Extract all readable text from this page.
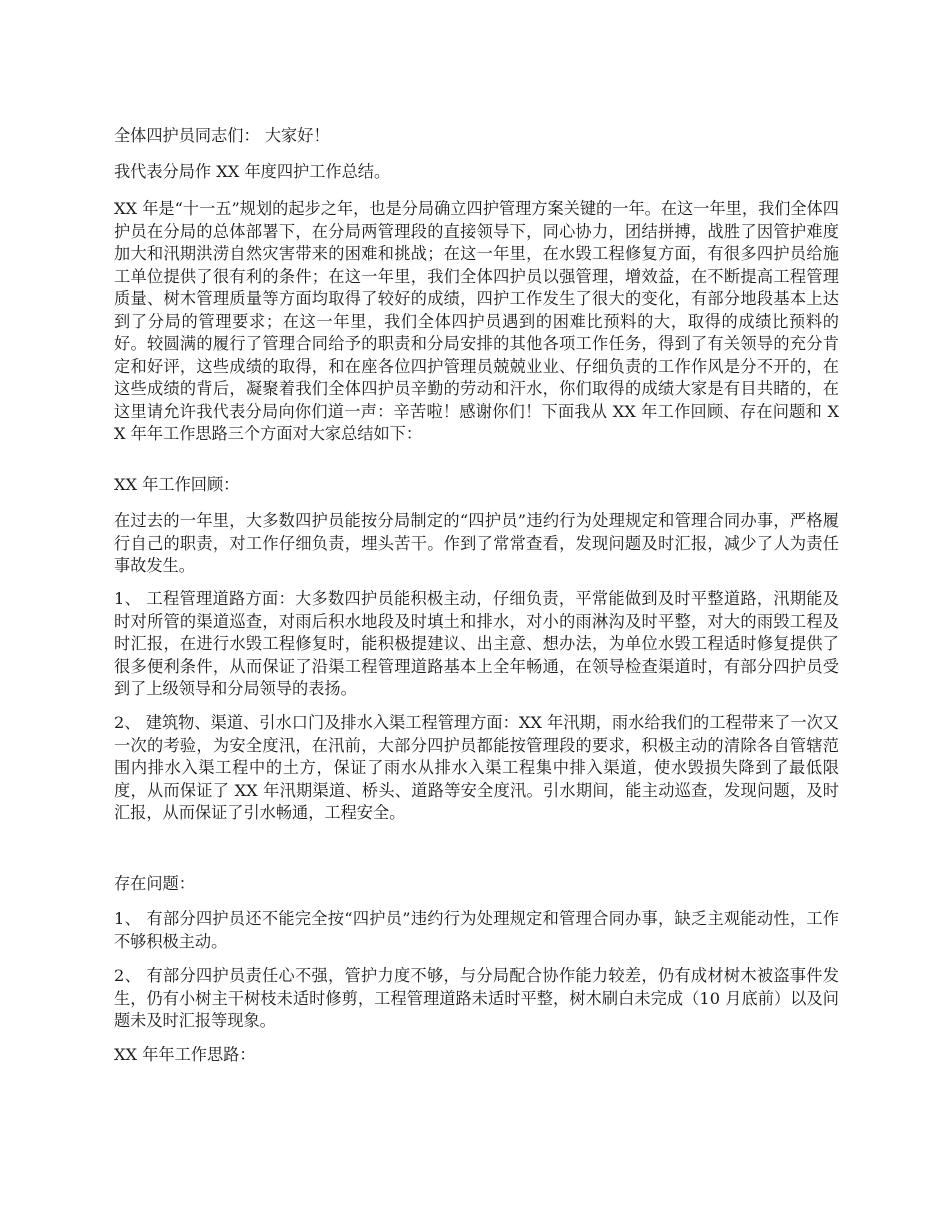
全体四护员同志们： 大家好！

我代表分局作 XX 年度四护工作总结。

XX 年是“十一五”规划的起步之年，也是分局确立四护管理方案关键的一年。在这一年里，我们全体四护员在分局的总体部署下，在分局两管理段的直接领导下，同心协力，团结拼搏，战胜了因管护难度加大和汛期洪涝自然灾害带来的困难和挑战；在这一年里，在水毁工程修复方面，有很多四护员给施工单位提供了很有利的条件；在这一年里，我们全体四护员以强管理，增效益，在不断提高工程管理质量、树木管理质量等方面均取得了较好的成绩，四护工作发生了很大的变化，有部分地段基本上达到了分局的管理要求；在这一年里，我们全体四护员遇到的困难比预料的大，取得的成绩比预料的好。较圆满的履行了管理合同给予的职责和分局安排的其他各项工作任务，得到了有关领导的充分肯定和好评，这些成绩的取得，和在座各位四护管理员兢兢业业、仔细负责的工作作风是分不开的，在这些成绩的背后，凝聚着我们全体四护员辛勤的劳动和汗水，你们取得的成绩大家是有目共睹的，在这里请允许我代表分局向你们道一声：辛苦啦！感谢你们！下面我从 XX 年工作回顾、存在问题和 XX 年年工作思路三个方面对大家总结如下：

XX 年工作回顾：

在过去的一年里，大多数四护员能按分局制定的“四护员”违约行为处理规定和管理合同办事，严格履行自己的职责，对工作仔细负责，埋头苦干。作到了常常查看，发现问题及时汇报，减少了人为责任事故发生。

1、 工程管理道路方面：大多数四护员能积极主动，仔细负责，平常能做到及时平整道路，汛期能及时对所管的渠道巡查，对雨后积水地段及时填土和排水，对小的雨淋沟及时平整，对大的雨毁工程及时汇报，在进行水毁工程修复时，能积极提建议、出主意、想办法，为单位水毁工程适时修复提供了很多便利条件，从而保证了沿渠工程管理道路基本上全年畅通，在领导检查渠道时，有部分四护员受到了上级领导和分局领导的表扬。

2、 建筑物、渠道、引水口门及排水入渠工程管理方面：XX 年汛期，雨水给我们的工程带来了一次又一次的考验，为安全度汛，在汛前，大部分四护员都能按管理段的要求，积极主动的清除各自管辖范围内排水入渠工程中的土方，保证了雨水从排水入渠工程集中排入渠道，使水毁损失降到了最低限度，从而保证了 XX 年汛期渠道、桥头、道路等安全度汛。引水期间，能主动巡查，发现问题，及时汇报，从而保证了引水畅通，工程安全。

存在问题：

1、 有部分四护员还不能完全按“四护员”违约行为处理规定和管理合同办事，缺乏主观能动性，工作不够积极主动。

2、 有部分四护员责任心不强，管护力度不够，与分局配合协作能力较差，仍有成材树木被盗事件发生，仍有小树主干树枝未适时修剪，工程管理道路未适时平整，树木刷白未完成（10 月底前）以及问题未及时汇报等现象。

XX 年年工作思路：
